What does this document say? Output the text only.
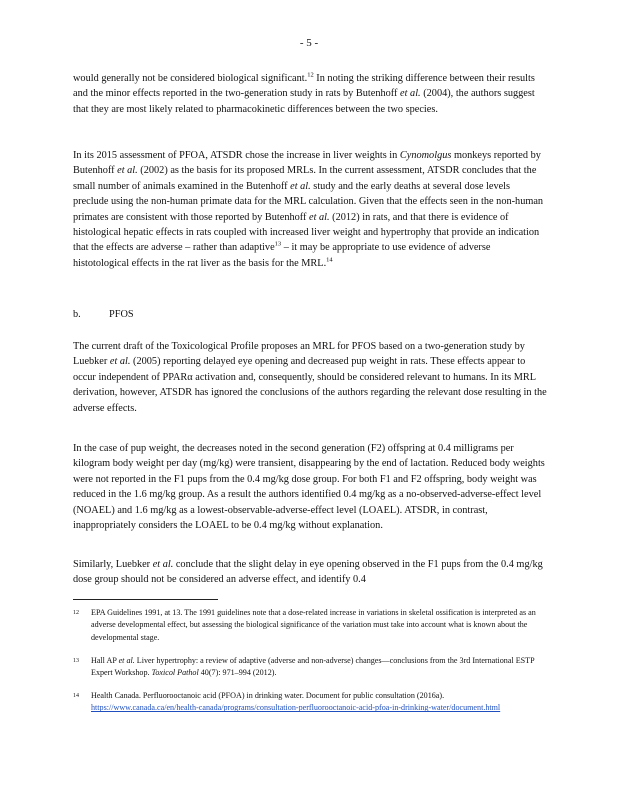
- 5 -

would generally not be considered biological significant.$^{12}$ In noting the striking difference between their results and the minor effects reported in the two-generation study in rats by Butenhoff et al. (2004), the authors suggest that they are most likely related to pharmacokinetic differences between the two species.

In its 2015 assessment of PFOA, ATSDR chose the increase in liver weights in Cynomolgus monkeys reported by Butenhoff et al. (2002) as the basis for its proposed MRLs. In the current assessment, ATSDR concludes that the small number of animals examined in the Butenhoff et al. study and the early deaths at several dose levels preclude using the non-human primate data for the MRL calculation. Given that the effects seen in the non-human primates are consistent with those reported by Butenhoff et al. (2012) in rats, and that there is evidence of histological hepatic effects in rats coupled with increased liver weight and hypertrophy that provide an indication that the effects are adverse – rather than adaptive$^{13}$ – it may be appropriate to use evidence of adverse histotological effects in the rat liver as the basis for the MRL.$^{14}$

b.	PFOS

The current draft of the Toxicological Profile proposes an MRL for PFOS based on a two-generation study by Luebker et al. (2005) reporting delayed eye opening and decreased pup weight in rats. These effects appear to occur independent of PPARα activation and, consequently, should be considered relevant to humans. In its MRL derivation, however, ATSDR has ignored the conclusions of the authors regarding the relevant dose resulting in the adverse effects.

In the case of pup weight, the decreases noted in the second generation (F2) offspring at 0.4 milligrams per kilogram body weight per day (mg/kg) were transient, disappearing by the end of lactation. Reduced body weights were not reported in the F1 pups from the 0.4 mg/kg dose group. For both F1 and F2 offspring, body weight was reduced in the 1.6 mg/kg group. As a result the authors identified 0.4 mg/kg as a no-observed-adverse-effect level (NOAEL) and 1.6 mg/kg as a lowest-observable-adverse-effect level (LOAEL). ATSDR, in contrast, inappropriately considers the LOAEL to be 0.4 mg/kg without explanation.

Similarly, Luebker et al. conclude that the slight delay in eye opening observed in the F1 pups from the 0.4 mg/kg dose group should not be considered an adverse effect, and identify 0.4

12 EPA Guidelines 1991, at 13. The 1991 guidelines note that a dose-related increase in variations in skeletal ossification is interpreted as an adverse developmental effect, but assessing the biological significance of the variation must take into account what is known about the developmental stage.
13 Hall AP et al. Liver hypertrophy: a review of adaptive (adverse and non-adverse) changes—conclusions from the 3rd International ESTP Expert Workshop. Toxicol Pathol 40(7): 971–994 (2012).
14 Health Canada. Perfluorooctanoic acid (PFOA) in drinking water. Document for public consultation (2016a). https://www.canada.ca/en/health-canada/programs/consultation-perfluorooctanoic-acid-pfoa-in-drinking-water/document.html
